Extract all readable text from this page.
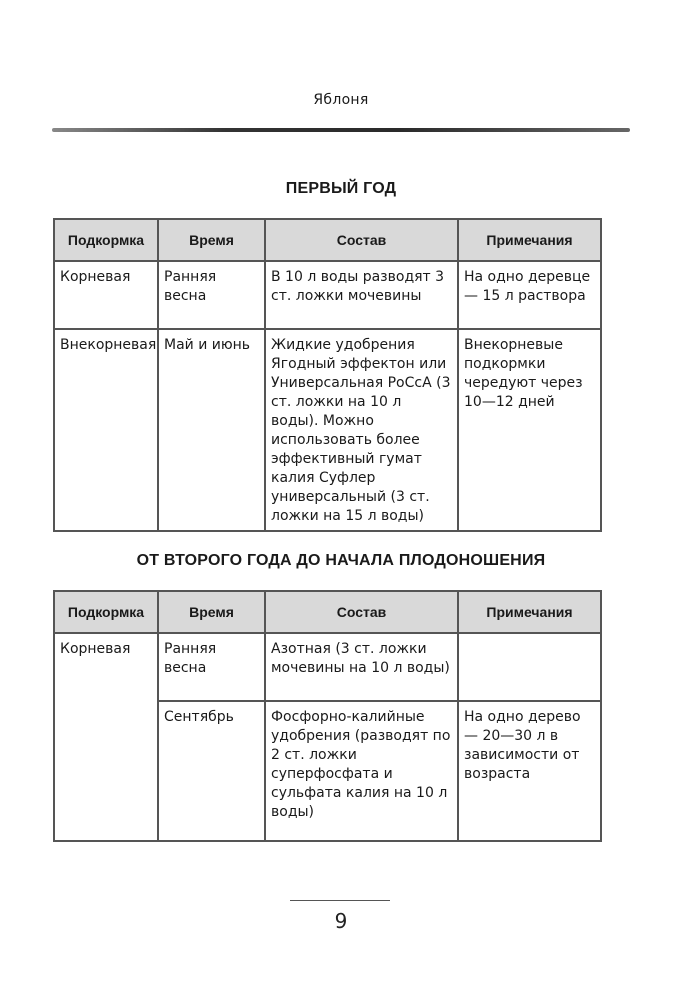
Яблоня
ПЕРВЫЙ ГОД
Подкормка	Время	Состав	Примечания
Корневая	Ранняя весна	В 10 л воды разводят 3 ст. ложки мочевины	На одно деревце — 15 л раствора
Внекорневая	Май и июнь	Жидкие удобрения Ягодный эффектон или Универсальная РоСсА (3 ст. ложки на 10 л воды). Можно использовать более эффективный гумат калия Суфлер универсальный (3 ст. ложки на 15 л воды)	Внекорневые подкормки чередуют через 10—12 дней
ОТ ВТОРОГО ГОДА ДО НАЧАЛА ПЛОДОНОШЕНИЯ
Подкормка	Время	Состав	Примечания
Корневая	Ранняя весна	Азотная (3 ст. ложки мочевины на 10 л воды)	
	Сентябрь	Фосфорно-калийные удобрения (разводят по 2 ст. ложки суперфосфата и сульфата калия на 10 л воды)	На одно дерево — 20—30 л в зависимости от возраста
9
